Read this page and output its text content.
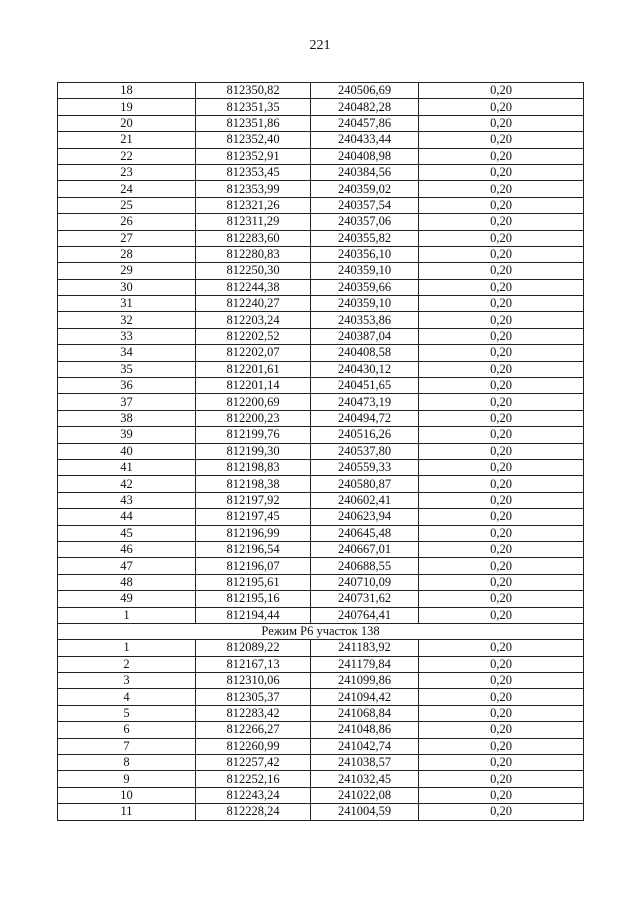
221
18	812350,82	240506,69	0,20
19	812351,35	240482,28	0,20
20	812351,86	240457,86	0,20
21	812352,40	240433,44	0,20
22	812352,91	240408,98	0,20
23	812353,45	240384,56	0,20
24	812353,99	240359,02	0,20
25	812321,26	240357,54	0,20
26	812311,29	240357,06	0,20
27	812283,60	240355,82	0,20
28	812280,83	240356,10	0,20
29	812250,30	240359,10	0,20
30	812244,38	240359,66	0,20
31	812240,27	240359,10	0,20
32	812203,24	240353,86	0,20
33	812202,52	240387,04	0,20
34	812202,07	240408,58	0,20
35	812201,61	240430,12	0,20
36	812201,14	240451,65	0,20
37	812200,69	240473,19	0,20
38	812200,23	240494,72	0,20
39	812199,76	240516,26	0,20
40	812199,30	240537,80	0,20
41	812198,83	240559,33	0,20
42	812198,38	240580,87	0,20
43	812197,92	240602,41	0,20
44	812197,45	240623,94	0,20
45	812196,99	240645,48	0,20
46	812196,54	240667,01	0,20
47	812196,07	240688,55	0,20
48	812195,61	240710,09	0,20
49	812195,16	240731,62	0,20
1	812194,44	240764,41	0,20
Режим Р6 участок 138			
1	812089,22	241183,92	0,20
2	812167,13	241179,84	0,20
3	812310,06	241099,86	0,20
4	812305,37	241094,42	0,20
5	812283,42	241068,84	0,20
6	812266,27	241048,86	0,20
7	812260,99	241042,74	0,20
8	812257,42	241038,57	0,20
9	812252,16	241032,45	0,20
10	812243,24	241022,08	0,20
11	812228,24	241004,59	0,20
